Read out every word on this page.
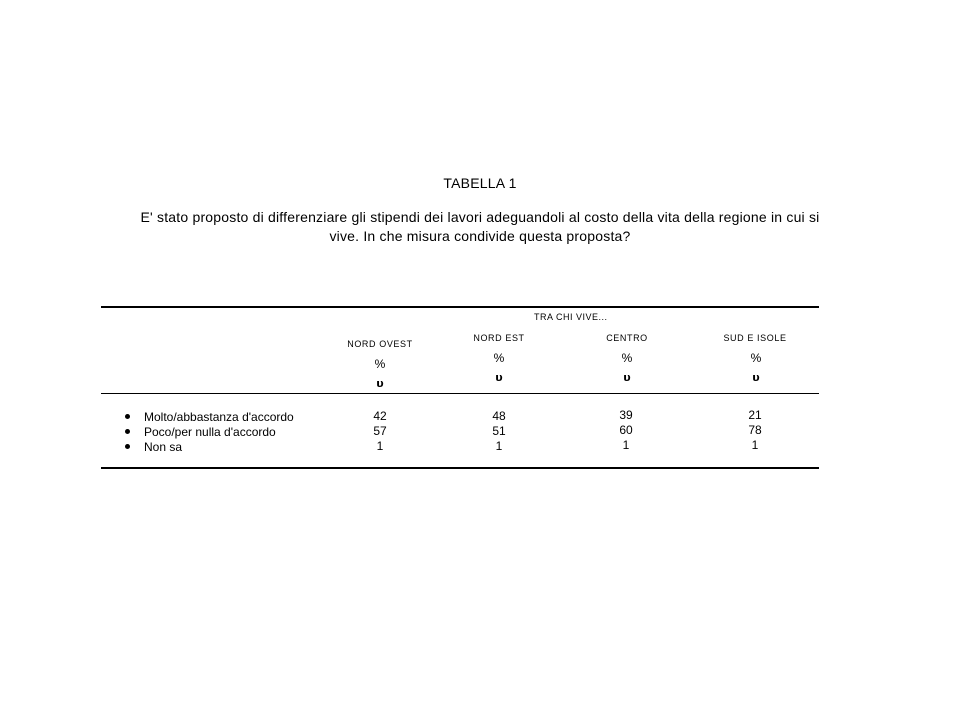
TABELLA 1
E' stato proposto di differenziare gli stipendi dei lavori adeguandoli al costo della vita della regione in cui si
vive. In che misura condivide questa proposta?
TRA CHI VIVE...
NORD OVEST
%
υ
42
57
1
NORD EST
%
υ
48
51
1
CENTRO
%
υ
39
60
1
SUD E ISOLE
%
υ
21
78
1
Molto/abbastanza d'accordo
Poco/per nulla d'accordo
Non sa
